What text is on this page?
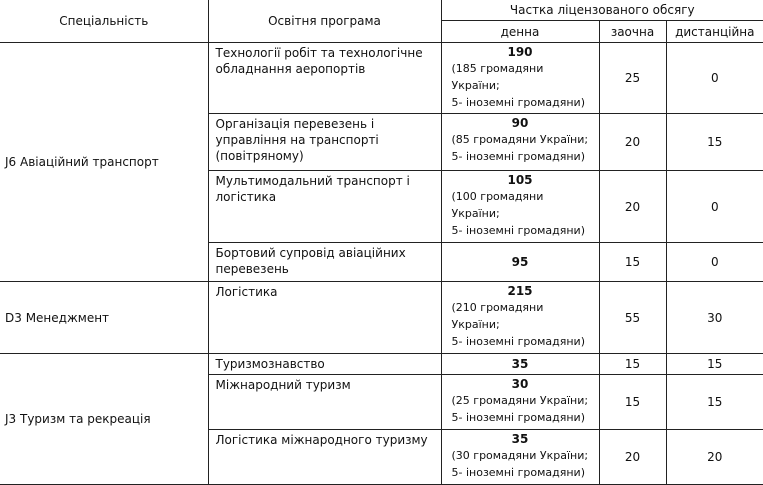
Спеціальність	Освітня програма	Частка ліцензованого обсягу		
		денна	заочна	дистанційна
J6 Авіаційний транспорт	Технології робіт та технологічне обладнання аеропортів	190
(185 громадяни
України;
5- іноземні громадяни)	25	0
	Організація перевезень і управління на транспорті (повітряному)	90
(85 громадяни України;
5- іноземні громадяни)	20	15
	Мультимодальний транспорт і логістика	105
(100 громадяни
України;
5- іноземні громадяни)	20	0
	Бортовий супровід авіаційних перевезень	95	15	0
D3 Менеджмент	Логістика	215
(210 громадяни
України;
5- іноземні громадяни)	55	30
J3 Туризм та рекреація	Туризмознавство	35	15	15
	Міжнародний туризм	30
(25 громадяни України;
5- іноземні громадяни)	15	15
	Логістика міжнародного туризму	35
(30 громадяни України;
5- іноземні громадяни)	20	20
